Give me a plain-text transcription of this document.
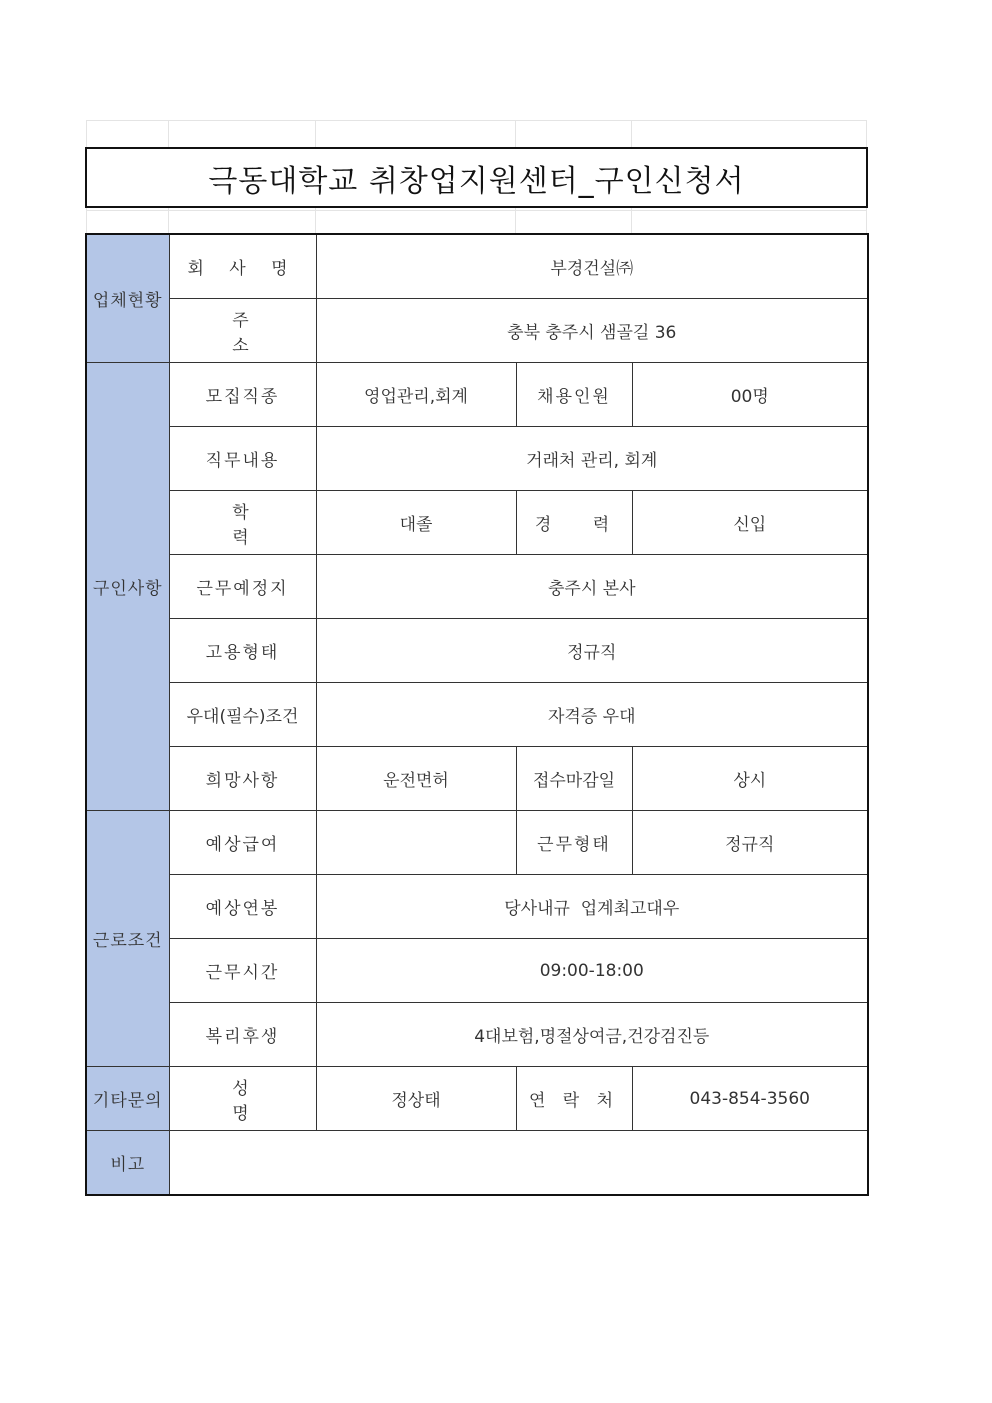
극동대학교 취창업지원센터_구인신청서
업체현황	회 사 명	부경건설㈜		
	주 소	충북 충주시 샘골길 36		
구인사항	모집직종	영업관리,회계	채용인원	00명
	직무내용	거래처 관리, 회계		
	학 력	대졸	경 력	신입
	근무예정지	충주시 본사		
	고용형태	정규직		
	우대(필수)조건	자격증 우대		
	희망사항	운전면허	접수마감일	상시
근로조건	예상급여		근무형태	정규직
	예상연봉	당사내규  업계최고대우		
	근무시간	09:00-18:00		
	복리후생	4대보험,명절상여금,건강검진등		
기타문의	성 명	정상태	연 락 처	043-854-3560
비고				
